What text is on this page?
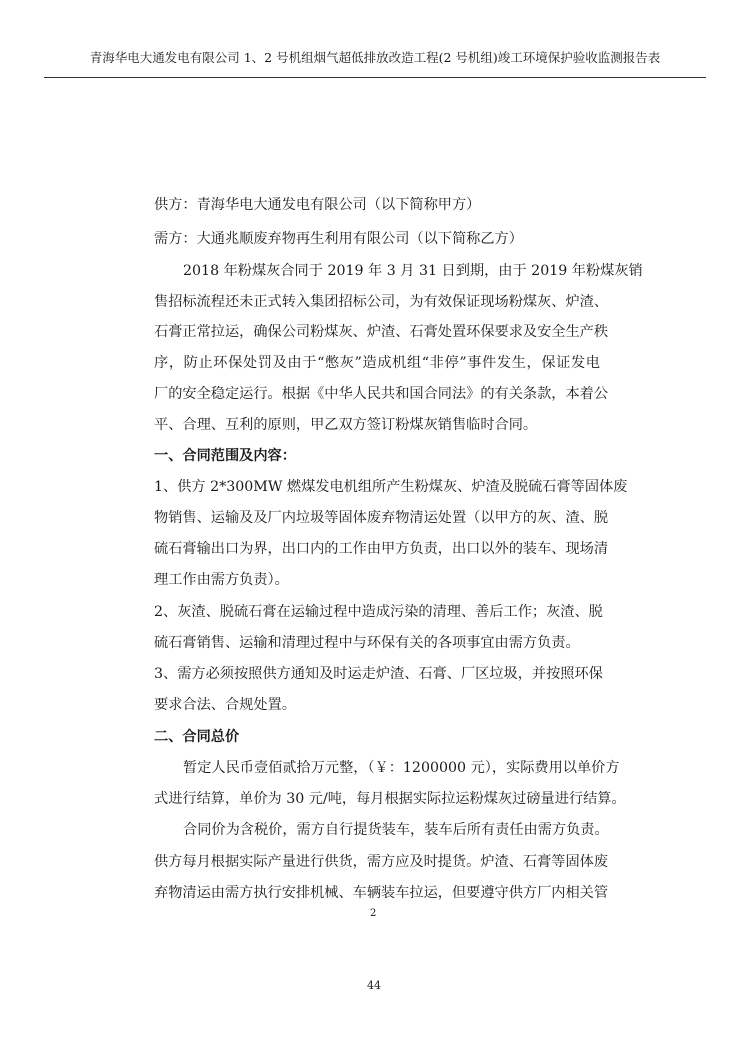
青海华电大通发电有限公司 1、2 号机组烟气超低排放改造工程(2 号机组)竣工环境保护验收监测报告表
供方：青海华电大通发电有限公司（以下简称甲方）
需方：大通兆顺废弃物再生利用有限公司（以下简称乙方）
2018 年粉煤灰合同于 2019 年 3 月 31 日到期，由于 2019 年粉煤灰销
售招标流程还未正式转入集团招标公司，为有效保证现场粉煤灰、炉渣、
石膏正常拉运，确保公司粉煤灰、炉渣、石膏处置环保要求及安全生产秩
序，防止环保处罚及由于“憋灰”造成机组“非停”事件发生，保证发电
厂的安全稳定运行。根据《中华人民共和国合同法》的有关条款，本着公
平、合理、互利的原则，甲乙双方签订粉煤灰销售临时合同。
一、合同范围及内容：
1、供方 2*300MW 燃煤发电机组所产生粉煤灰、炉渣及脱硫石膏等固体废
物销售、运输及及厂内垃圾等固体废弃物清运处置（以甲方的灰、渣、脱
硫石膏输出口为界，出口内的工作由甲方负责，出口以外的装车、现场清
理工作由需方负责）。
2、灰渣、脱硫石膏在运输过程中造成污染的清理、善后工作；灰渣、脱
硫石膏销售、运输和清理过程中与环保有关的各项事宜由需方负责。
3、需方必须按照供方通知及时运走炉渣、石膏、厂区垃圾，并按照环保
要求合法、合规处置。
二、合同总价
暂定人民币壹佰贰拾万元整，（￥：1200000 元），实际费用以单价方
式进行结算，单价为 30 元/吨，每月根据实际拉运粉煤灰过磅量进行结算。
合同价为含税价，需方自行提货装车，装车后所有责任由需方负责。
供方每月根据实际产量进行供货，需方应及时提货。炉渣、石膏等固体废
弃物清运由需方执行安排机械、车辆装车拉运，但要遵守供方厂内相关管
2
44
